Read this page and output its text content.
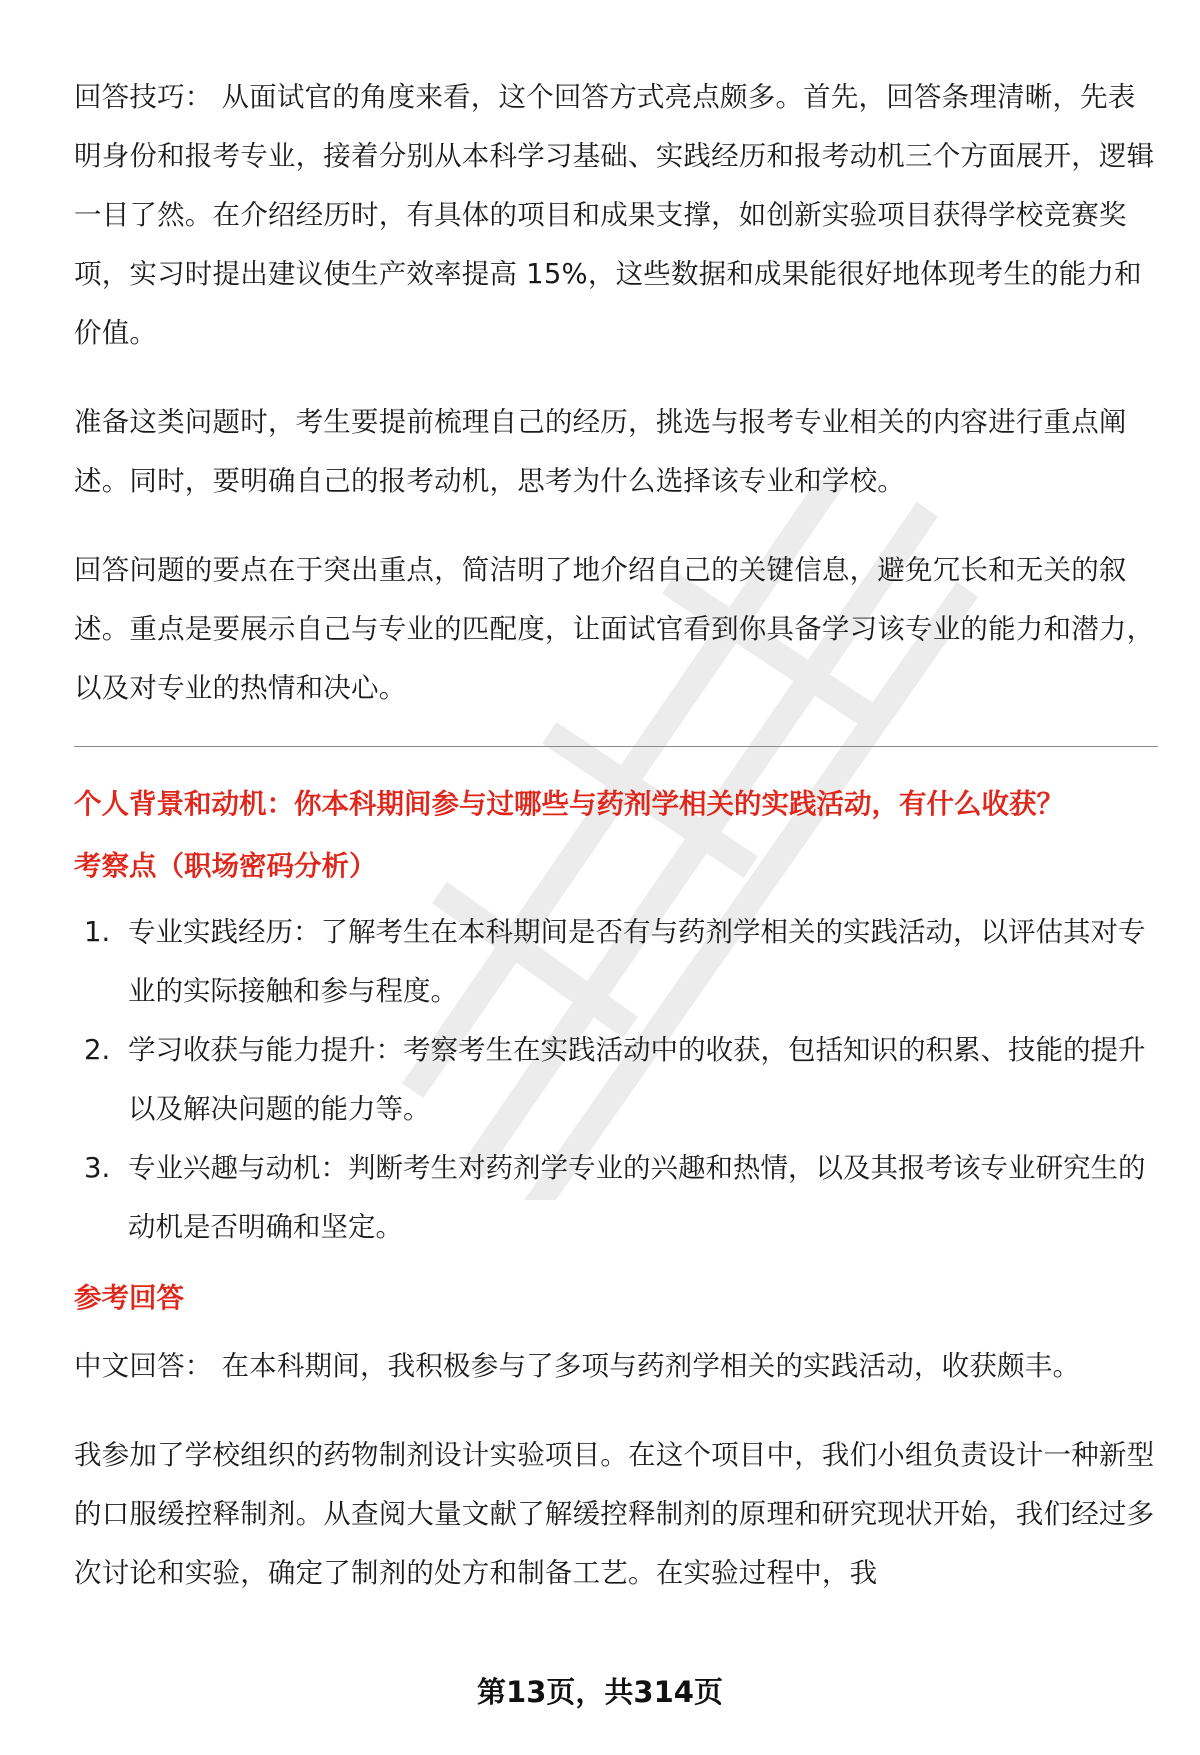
回答技巧： 从面试官的角度来看，这个回答方式亮点颇多。首先，回答条理清晰，先表明身份和报考专业，接着分别从本科学习基础、实践经历和报考动机三个方面展开，逻辑一目了然。在介绍经历时，有具体的项目和成果支撑，如创新实验项目获得学校竞赛奖项，实习时提出建议使生产效率提高 15%，这些数据和成果能很好地体现考生的能力和价值。

准备这类问题时，考生要提前梳理自己的经历，挑选与报考专业相关的内容进行重点阐述。同时，要明确自己的报考动机，思考为什么选择该专业和学校。

回答问题的要点在于突出重点，简洁明了地介绍自己的关键信息，避免冗长和无关的叙述。重点是要展示自己与专业的匹配度，让面试官看到你具备学习该专业的能力和潜力，以及对专业的热情和决心。

个人背景和动机：你本科期间参与过哪些与药剂学相关的实践活动，有什么收获？
考察点（职场密码分析）
1. 专业实践经历：了解考生在本科期间是否有与药剂学相关的实践活动，以评估其对专业的实际接触和参与程度。
2. 学习收获与能力提升：考察考生在实践活动中的收获，包括知识的积累、技能的提升以及解决问题的能力等。
3. 专业兴趣与动机：判断考生对药剂学专业的兴趣和热情，以及其报考该专业研究生的动机是否明确和坚定。
参考回答

中文回答： 在本科期间，我积极参与了多项与药剂学相关的实践活动，收获颇丰。

我参加了学校组织的药物制剂设计实验项目。在这个项目中，我们小组负责设计一种新型的口服缓控释制剂。从查阅大量文献了解缓控释制剂的原理和研究现状开始，我们经过多次讨论和实验，确定了制剂的处方和制备工艺。在实验过程中，我

第13页，共314页
